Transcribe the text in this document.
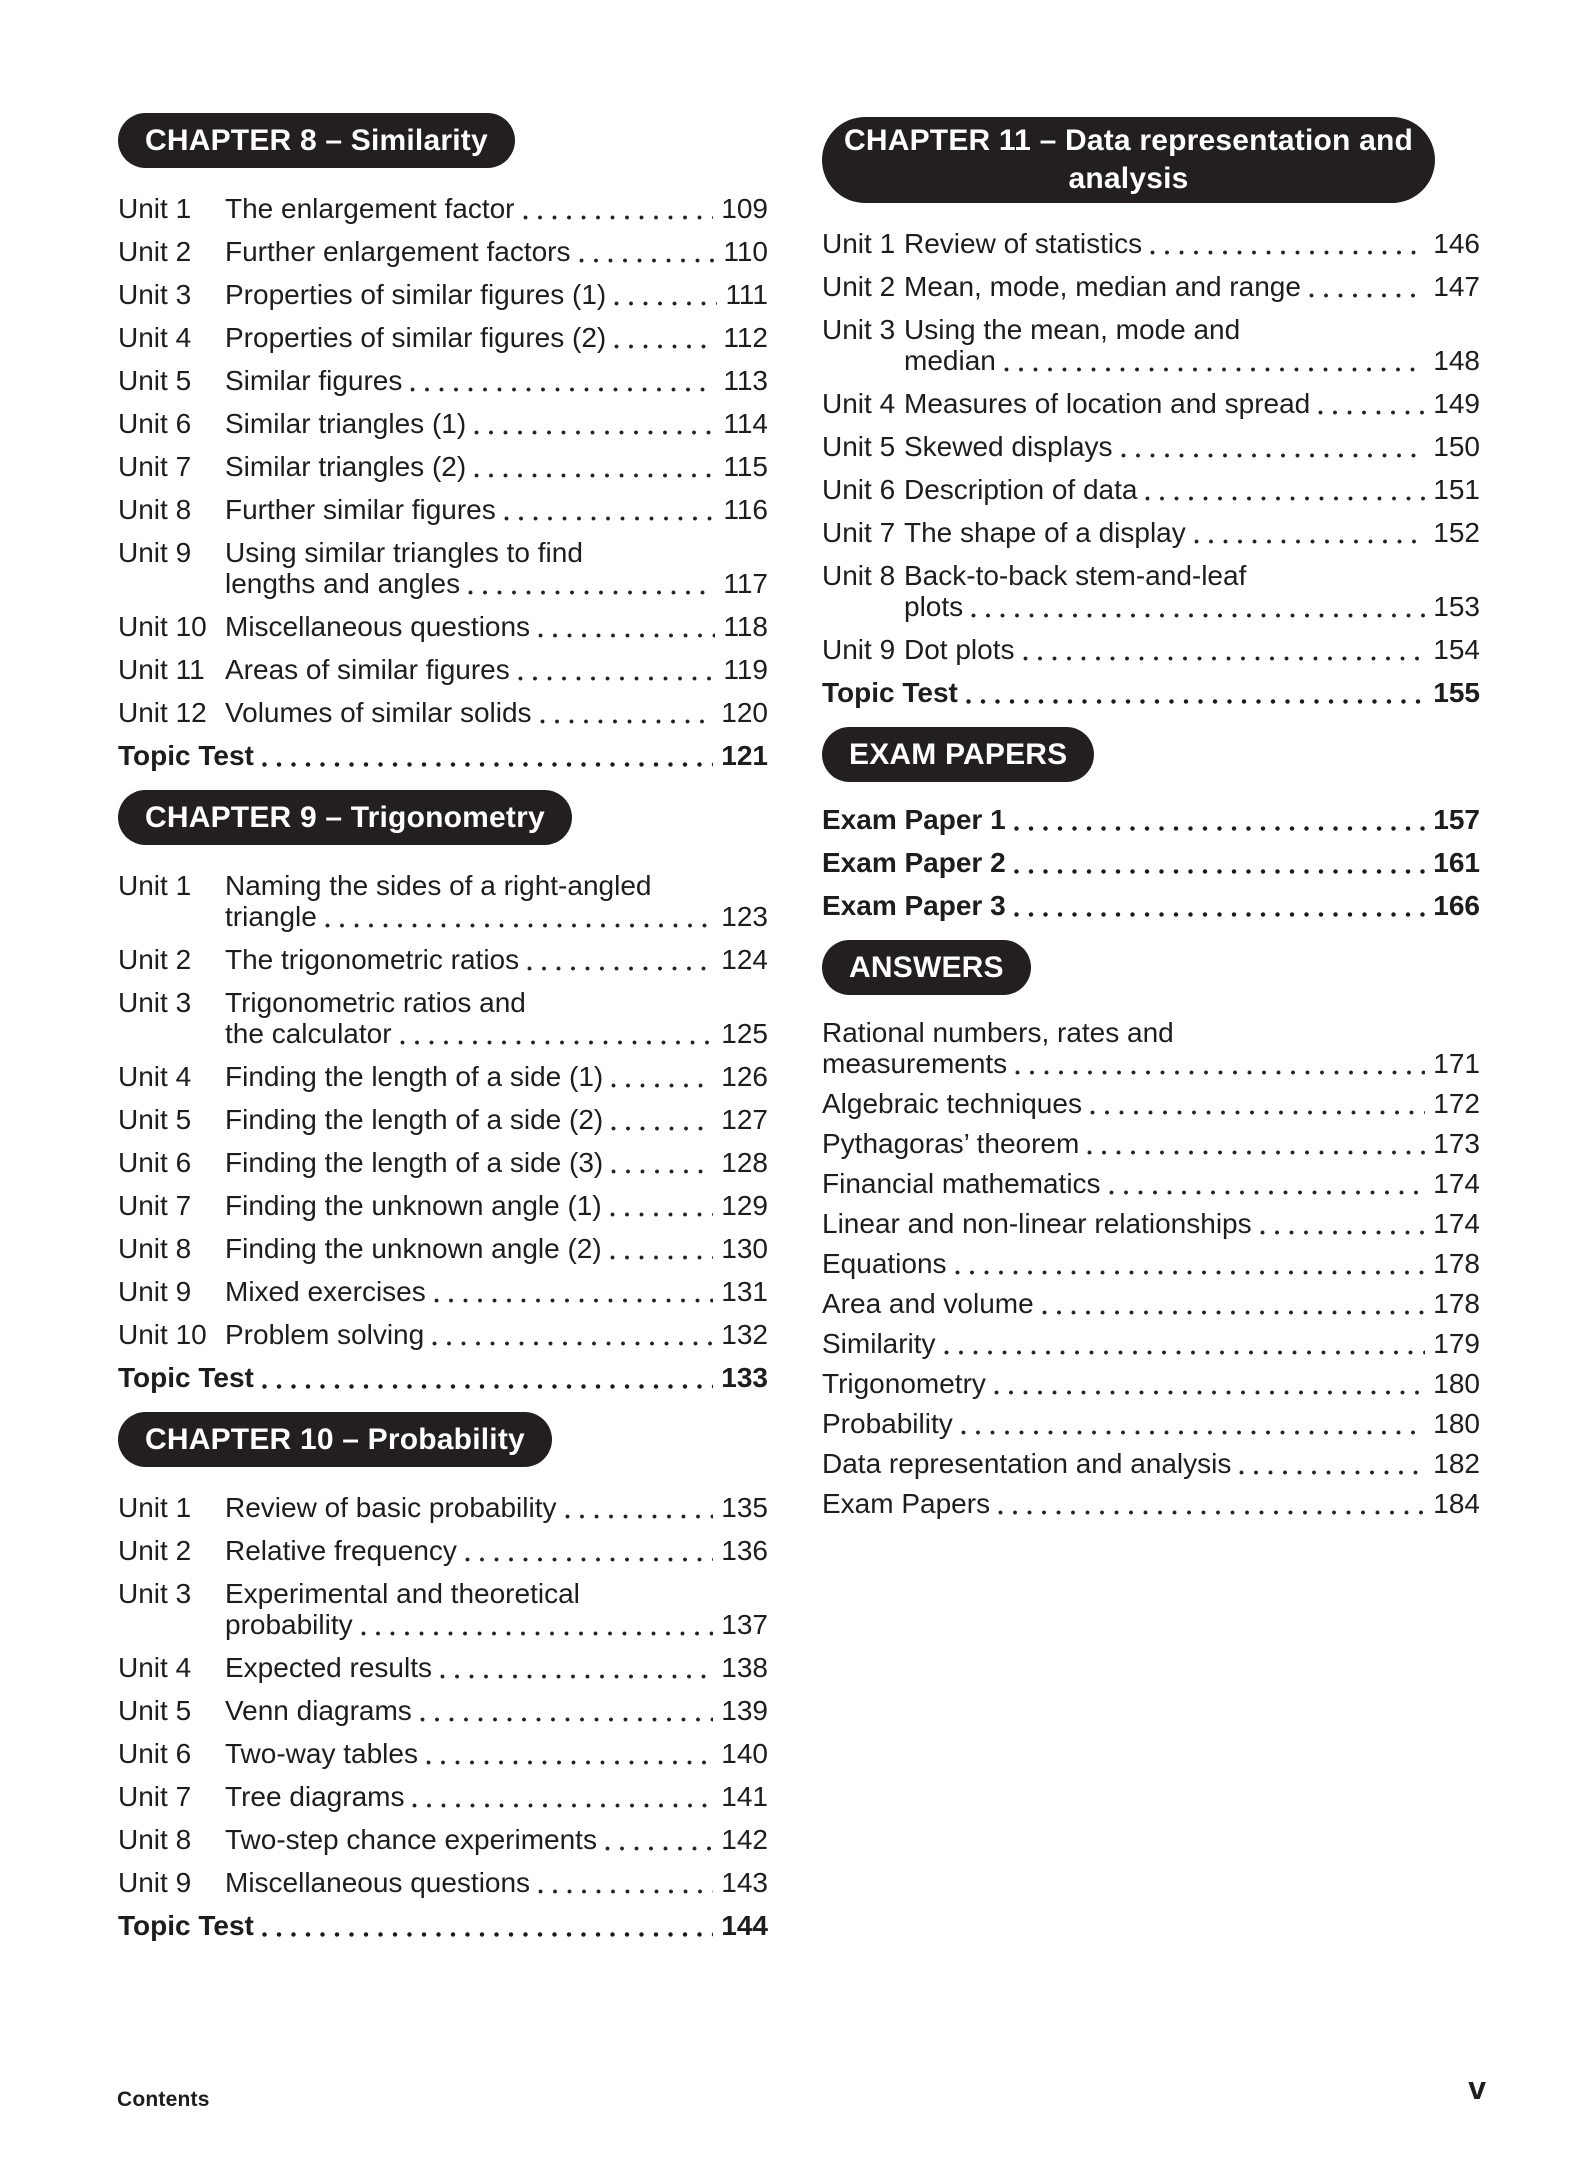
CHAPTER 8 – Similarity
Unit 1	The enlargement factor	109
Unit 2	Further enlargement factors	110
Unit 3	Properties of similar figures (1)	111
Unit 4	Properties of similar figures (2)	112
Unit 5	Similar figures	113
Unit 6	Similar triangles (1)	114
Unit 7	Similar triangles (2)	115
Unit 8	Further similar figures	116
Unit 9	Using similar triangles to find
lengths and angles	117
Unit 10 Miscellaneous questions	118
Unit 11 Areas of similar figures	119
Unit 12 Volumes of similar solids	120
Topic Test	121
CHAPTER 9 – Trigonometry
Unit 1	Naming the sides of a right-angled
triangle	123
Unit 2	The trigonometric ratios	124
Unit 3	Trigonometric ratios and
the calculator	125
Unit 4	Finding the length of a side (1)	126
Unit 5	Finding the length of a side (2)	127
Unit 6	Finding the length of a side (3)	128
Unit 7	Finding the unknown angle (1)	129
Unit 8	Finding the unknown angle (2)	130
Unit 9	Mixed exercises	131
Unit 10 Problem solving	132
Topic Test	133
CHAPTER 10 – Probability
Unit 1	Review of basic probability	135
Unit 2	Relative frequency	136
Unit 3	Experimental and theoretical
probability	137
Unit 4	Expected results	138
Unit 5	Venn diagrams	139
Unit 6	Two-way tables	140
Unit 7	Tree diagrams	141
Unit 8	Two-step chance experiments	142
Unit 9	Miscellaneous questions	143
Topic Test	144
CHAPTER 11 – Data representation and
analysis
Unit 1 Review of statistics	146
Unit 2 Mean, mode, median and range	147
Unit 3 Using the mean, mode and
median	148
Unit 4 Measures of location and spread	149
Unit 5 Skewed displays	150
Unit 6 Description of data	151
Unit 7 The shape of a display	152
Unit 8 Back-to-back stem-and-leaf
plots	153
Unit 9 Dot plots	154
Topic Test	155
EXAM PAPERS
Exam Paper 1	157
Exam Paper 2	161
Exam Paper 3	166
ANSWERS
Rational numbers, rates and
measurements	171
Algebraic techniques	172
Pythagoras’ theorem	173
Financial mathematics	174
Linear and non-linear relationships	174
Equations	178
Area and volume	178
Similarity	179
Trigonometry	180
Probability	180
Data representation and analysis	182
Exam Papers	184
Contents	v
